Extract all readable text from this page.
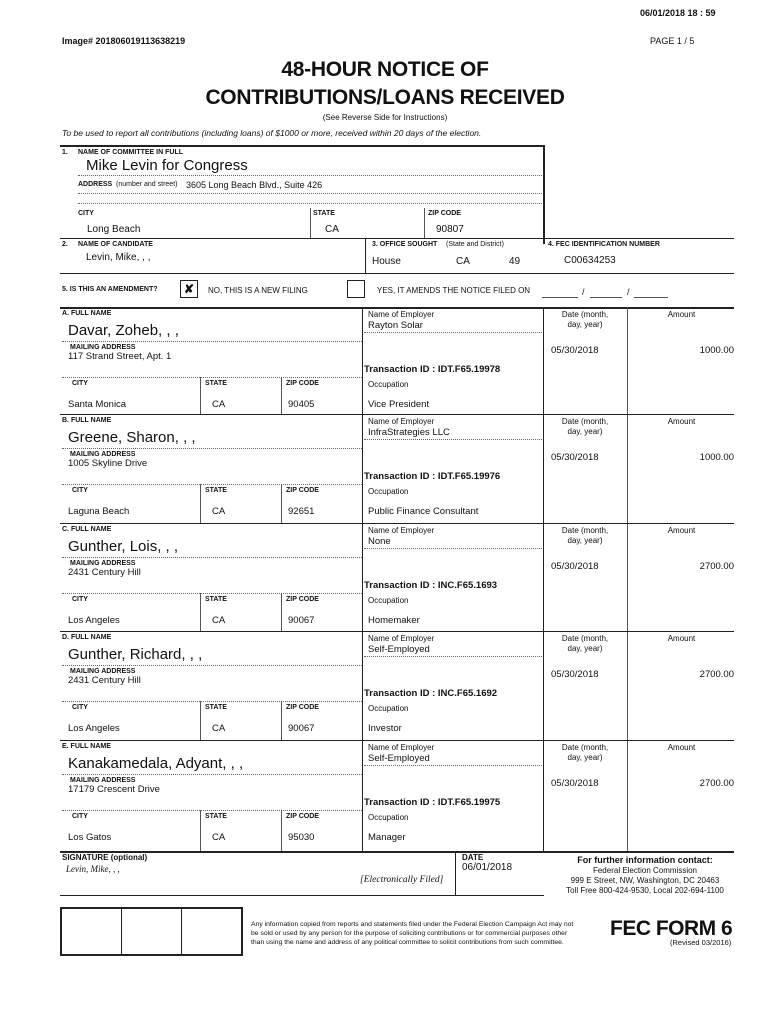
06/01/2018 18 : 59
Image# 201806019113638219	PAGE 1 / 5
48-HOUR NOTICE OF
CONTRIBUTIONS/LOANS RECEIVED
(See Reverse Side for Instructions)
To be used to report all contributions (including loans) of $1000 or more, received within 20 days of the election.
1. NAME OF COMMITTEE IN FULL
Mike Levin for Congress
ADDRESS (number and street) 3605 Long Beach Blvd., Suite 426
CITY	STATE	ZIP CODE
Long Beach	CA	90807
2. NAME OF CANDIDATE
Levin, Mike, , ,
3. OFFICE SOUGHT (State and District)
House	CA	49
4. FEC IDENTIFICATION NUMBER
C00634253
5. IS THIS AN AMENDMENT?	✘	NO, THIS IS A NEW FILING	YES, IT AMENDS THE NOTICE FILED ON	/	/
A. FULL NAME
Davar, Zoheb, , ,
MAILING ADDRESS
117 Strand Street, Apt. 1
CITY	STATE	ZIP CODE
Santa Monica	CA	90405
Name of Employer
Rayton Solar
Transaction ID : IDT.F65.19978
Occupation
Vice President
Date (month,
day, year)
Amount
05/30/2018	1000.00
B. FULL NAME
Greene, Sharon, , ,
MAILING ADDRESS
1005 Skyline Drive
CITY	STATE	ZIP CODE
Laguna Beach	CA	92651
Name of Employer
InfraStrategies LLC
Transaction ID : IDT.F65.19976
Occupation
Public Finance Consultant
Date (month,
day, year)
Amount
05/30/2018	1000.00
C. FULL NAME
Gunther, Lois, , ,
MAILING ADDRESS
2431 Century Hill
CITY	STATE	ZIP CODE
Los Angeles	CA	90067
Name of Employer
None
Transaction ID : INC.F65.1693
Occupation
Homemaker
Date (month,
day, year)
Amount
05/30/2018	2700.00
D. FULL NAME
Gunther, Richard, , ,
MAILING ADDRESS
2431 Century Hill
CITY	STATE	ZIP CODE
Los Angeles	CA	90067
Name of Employer
Self-Employed
Transaction ID : INC.F65.1692
Occupation
Investor
Date (month,
day, year)
Amount
05/30/2018	2700.00
E. FULL NAME
Kanakamedala, Adyant, , ,
MAILING ADDRESS
17179 Crescent Drive
CITY	STATE	ZIP CODE
Los Gatos	CA	95030
Name of Employer
Self-Employed
Transaction ID : IDT.F65.19975
Occupation
Manager
Date (month,
day, year)
Amount
05/30/2018	2700.00
SIGNATURE (optional)
Levin, Mike, , ,
[Electronically Filed]
DATE
06/01/2018
For further information contact:
Federal Election Commission
999 E Street, NW, Washington, DC 20463
Toll Free 800-424-9530, Local 202-694-1100
Any information copied from reports and statements filed under the Federal Election Campaign Act may not
be sold or used by any person for the purpose of soliciting contributions or for commercial purposes other
than using the name and address of any political committee to solicit contributions from such committee.
FEC FORM 6
(Revised 03/2016)
